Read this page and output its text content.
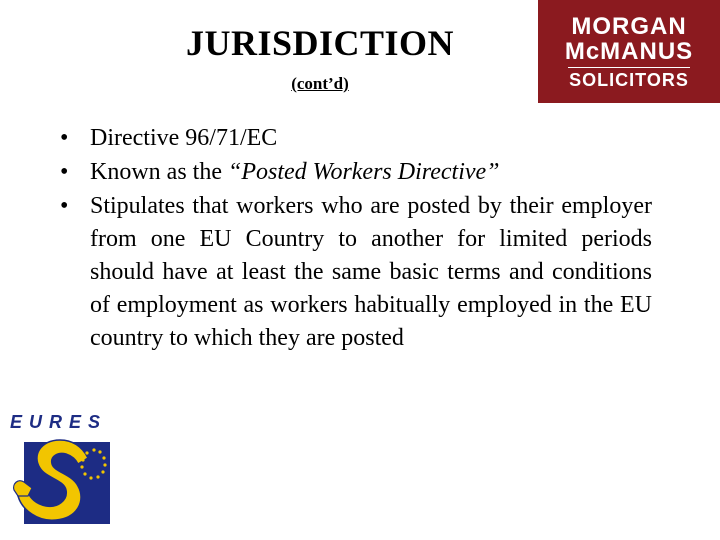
JURISDICTION
(cont’d)
MORGAN
McMANUS
SOLICITORS
• Directive 96/71/EC
• Known as the “Posted Workers Directive”
• Stipulates that workers who are posted by their employer from one EU Country to another for limited periods should have at least the same basic terms and conditions of employment as workers habitually employed in the EU country to which they are posted
EURES
